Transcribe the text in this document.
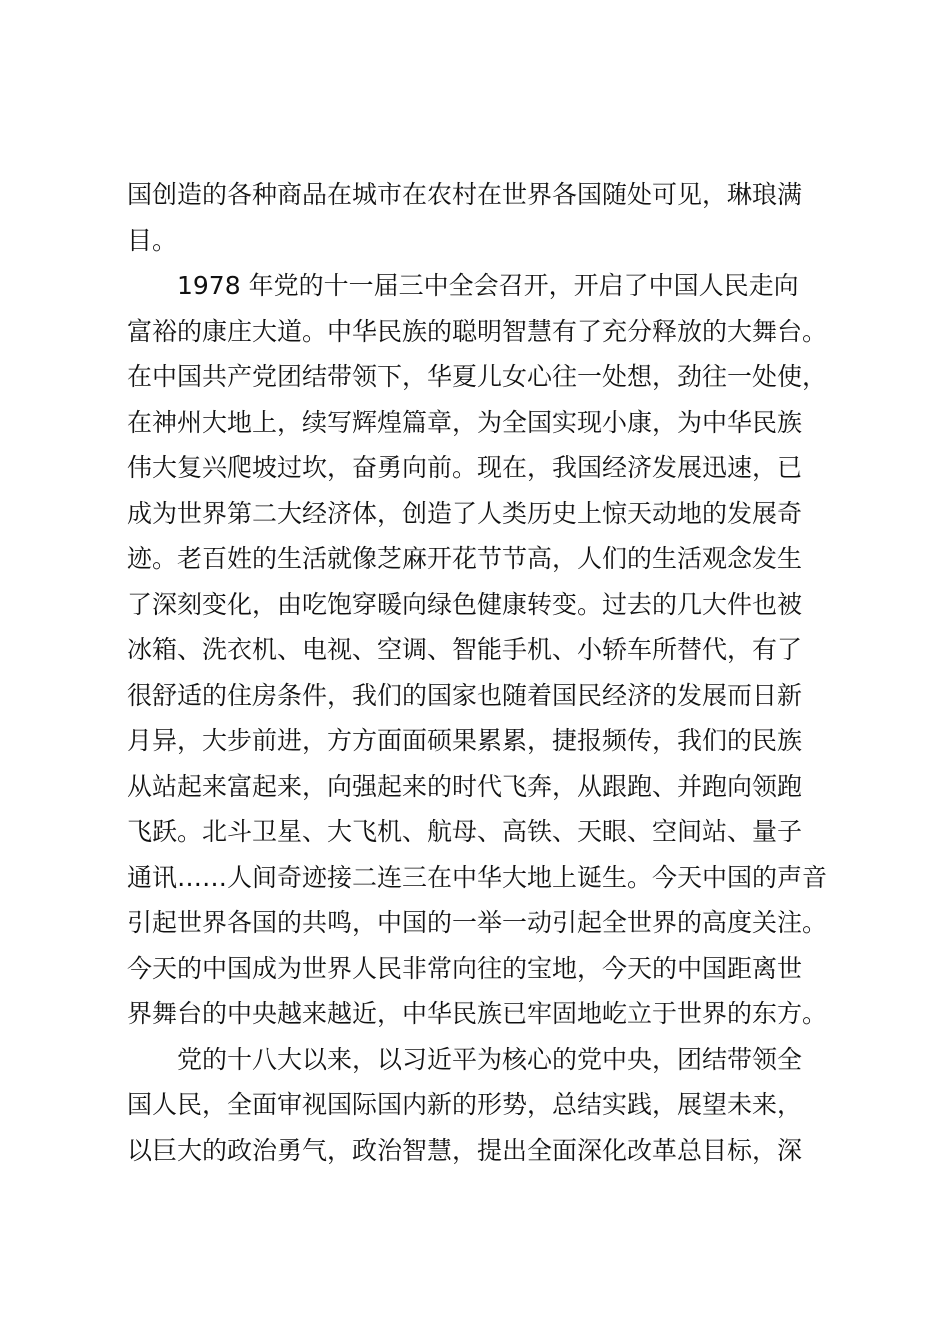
国创造的各种商品在城市在农村在世界各国随处可见，琳琅满
目。
1978 年党的十一届三中全会召开，开启了中国人民走向
富裕的康庄大道。中华民族的聪明智慧有了充分释放的大舞台。
在中国共产党团结带领下，华夏儿女心往一处想，劲往一处使，
在神州大地上，续写辉煌篇章，为全国实现小康，为中华民族
伟大复兴爬坡过坎，奋勇向前。现在，我国经济发展迅速，已
成为世界第二大经济体，创造了人类历史上惊天动地的发展奇
迹。老百姓的生活就像芝麻开花节节高，人们的生活观念发生
了深刻变化，由吃饱穿暖向绿色健康转变。过去的几大件也被
冰箱、洗衣机、电视、空调、智能手机、小轿车所替代，有了
很舒适的住房条件，我们的国家也随着国民经济的发展而日新
月异，大步前进，方方面面硕果累累，捷报频传，我们的民族
从站起来富起来，向强起来的时代飞奔，从跟跑、并跑向领跑
飞跃。北斗卫星、大飞机、航母、高铁、天眼、空间站、量子
通讯……人间奇迹接二连三在中华大地上诞生。今天中国的声音
引起世界各国的共鸣，中国的一举一动引起全世界的高度关注。
今天的中国成为世界人民非常向往的宝地，今天的中国距离世
界舞台的中央越来越近，中华民族已牢固地屹立于世界的东方。
党的十八大以来，以习近平为核心的党中央，团结带领全
国人民，全面审视国际国内新的形势，总结实践，展望未来，
以巨大的政治勇气，政治智慧，提出全面深化改革总目标，深
